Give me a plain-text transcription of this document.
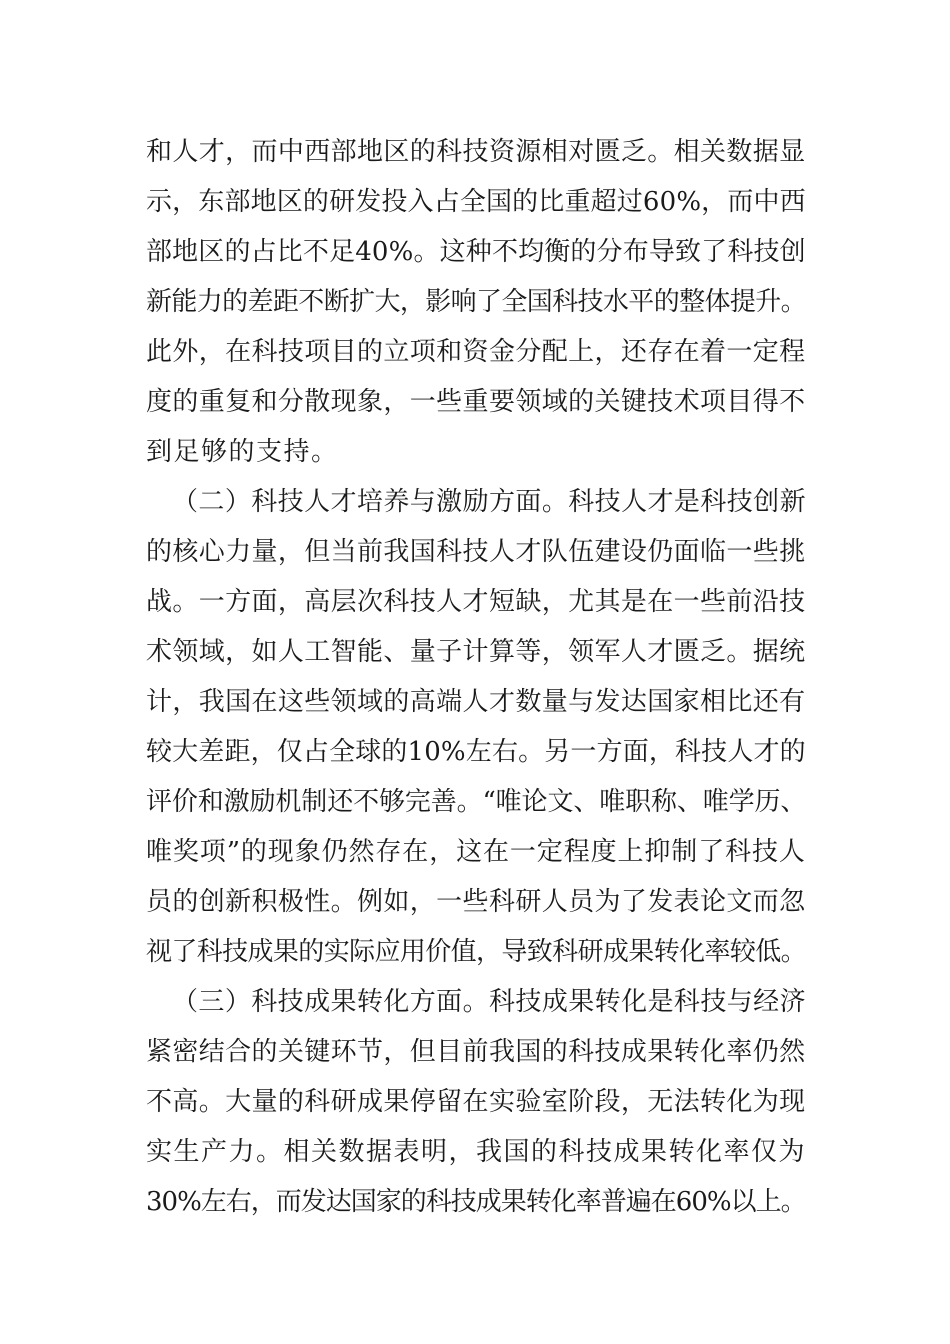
和人才，而中西部地区的科技资源相对匮乏。相关数据显
示，东部地区的研发投入占全国的比重超过60%，而中西
部地区的占比不足40%。这种不均衡的分布导致了科技创
新能力的差距不断扩大，影响了全国科技水平的整体提升。
此外，在科技项目的立项和资金分配上，还存在着一定程
度的重复和分散现象，一些重要领域的关键技术项目得不
到足够的支持。
（二）科技人才培养与激励方面。科技人才是科技创新
的核心力量，但当前我国科技人才队伍建设仍面临一些挑
战。一方面，高层次科技人才短缺，尤其是在一些前沿技
术领域，如人工智能、量子计算等，领军人才匮乏。据统
计，我国在这些领域的高端人才数量与发达国家相比还有
较大差距，仅占全球的10%左右。另一方面，科技人才的
评价和激励机制还不够完善。“唯论文、唯职称、唯学历、
唯奖项”的现象仍然存在，这在一定程度上抑制了科技人
员的创新积极性。例如，一些科研人员为了发表论文而忽
视了科技成果的实际应用价值，导致科研成果转化率较低。
（三）科技成果转化方面。科技成果转化是科技与经济
紧密结合的关键环节，但目前我国的科技成果转化率仍然
不高。大量的科研成果停留在实验室阶段，无法转化为现
实生产力。相关数据表明，我国的科技成果转化率仅为
30%左右，而发达国家的科技成果转化率普遍在60%以上。
